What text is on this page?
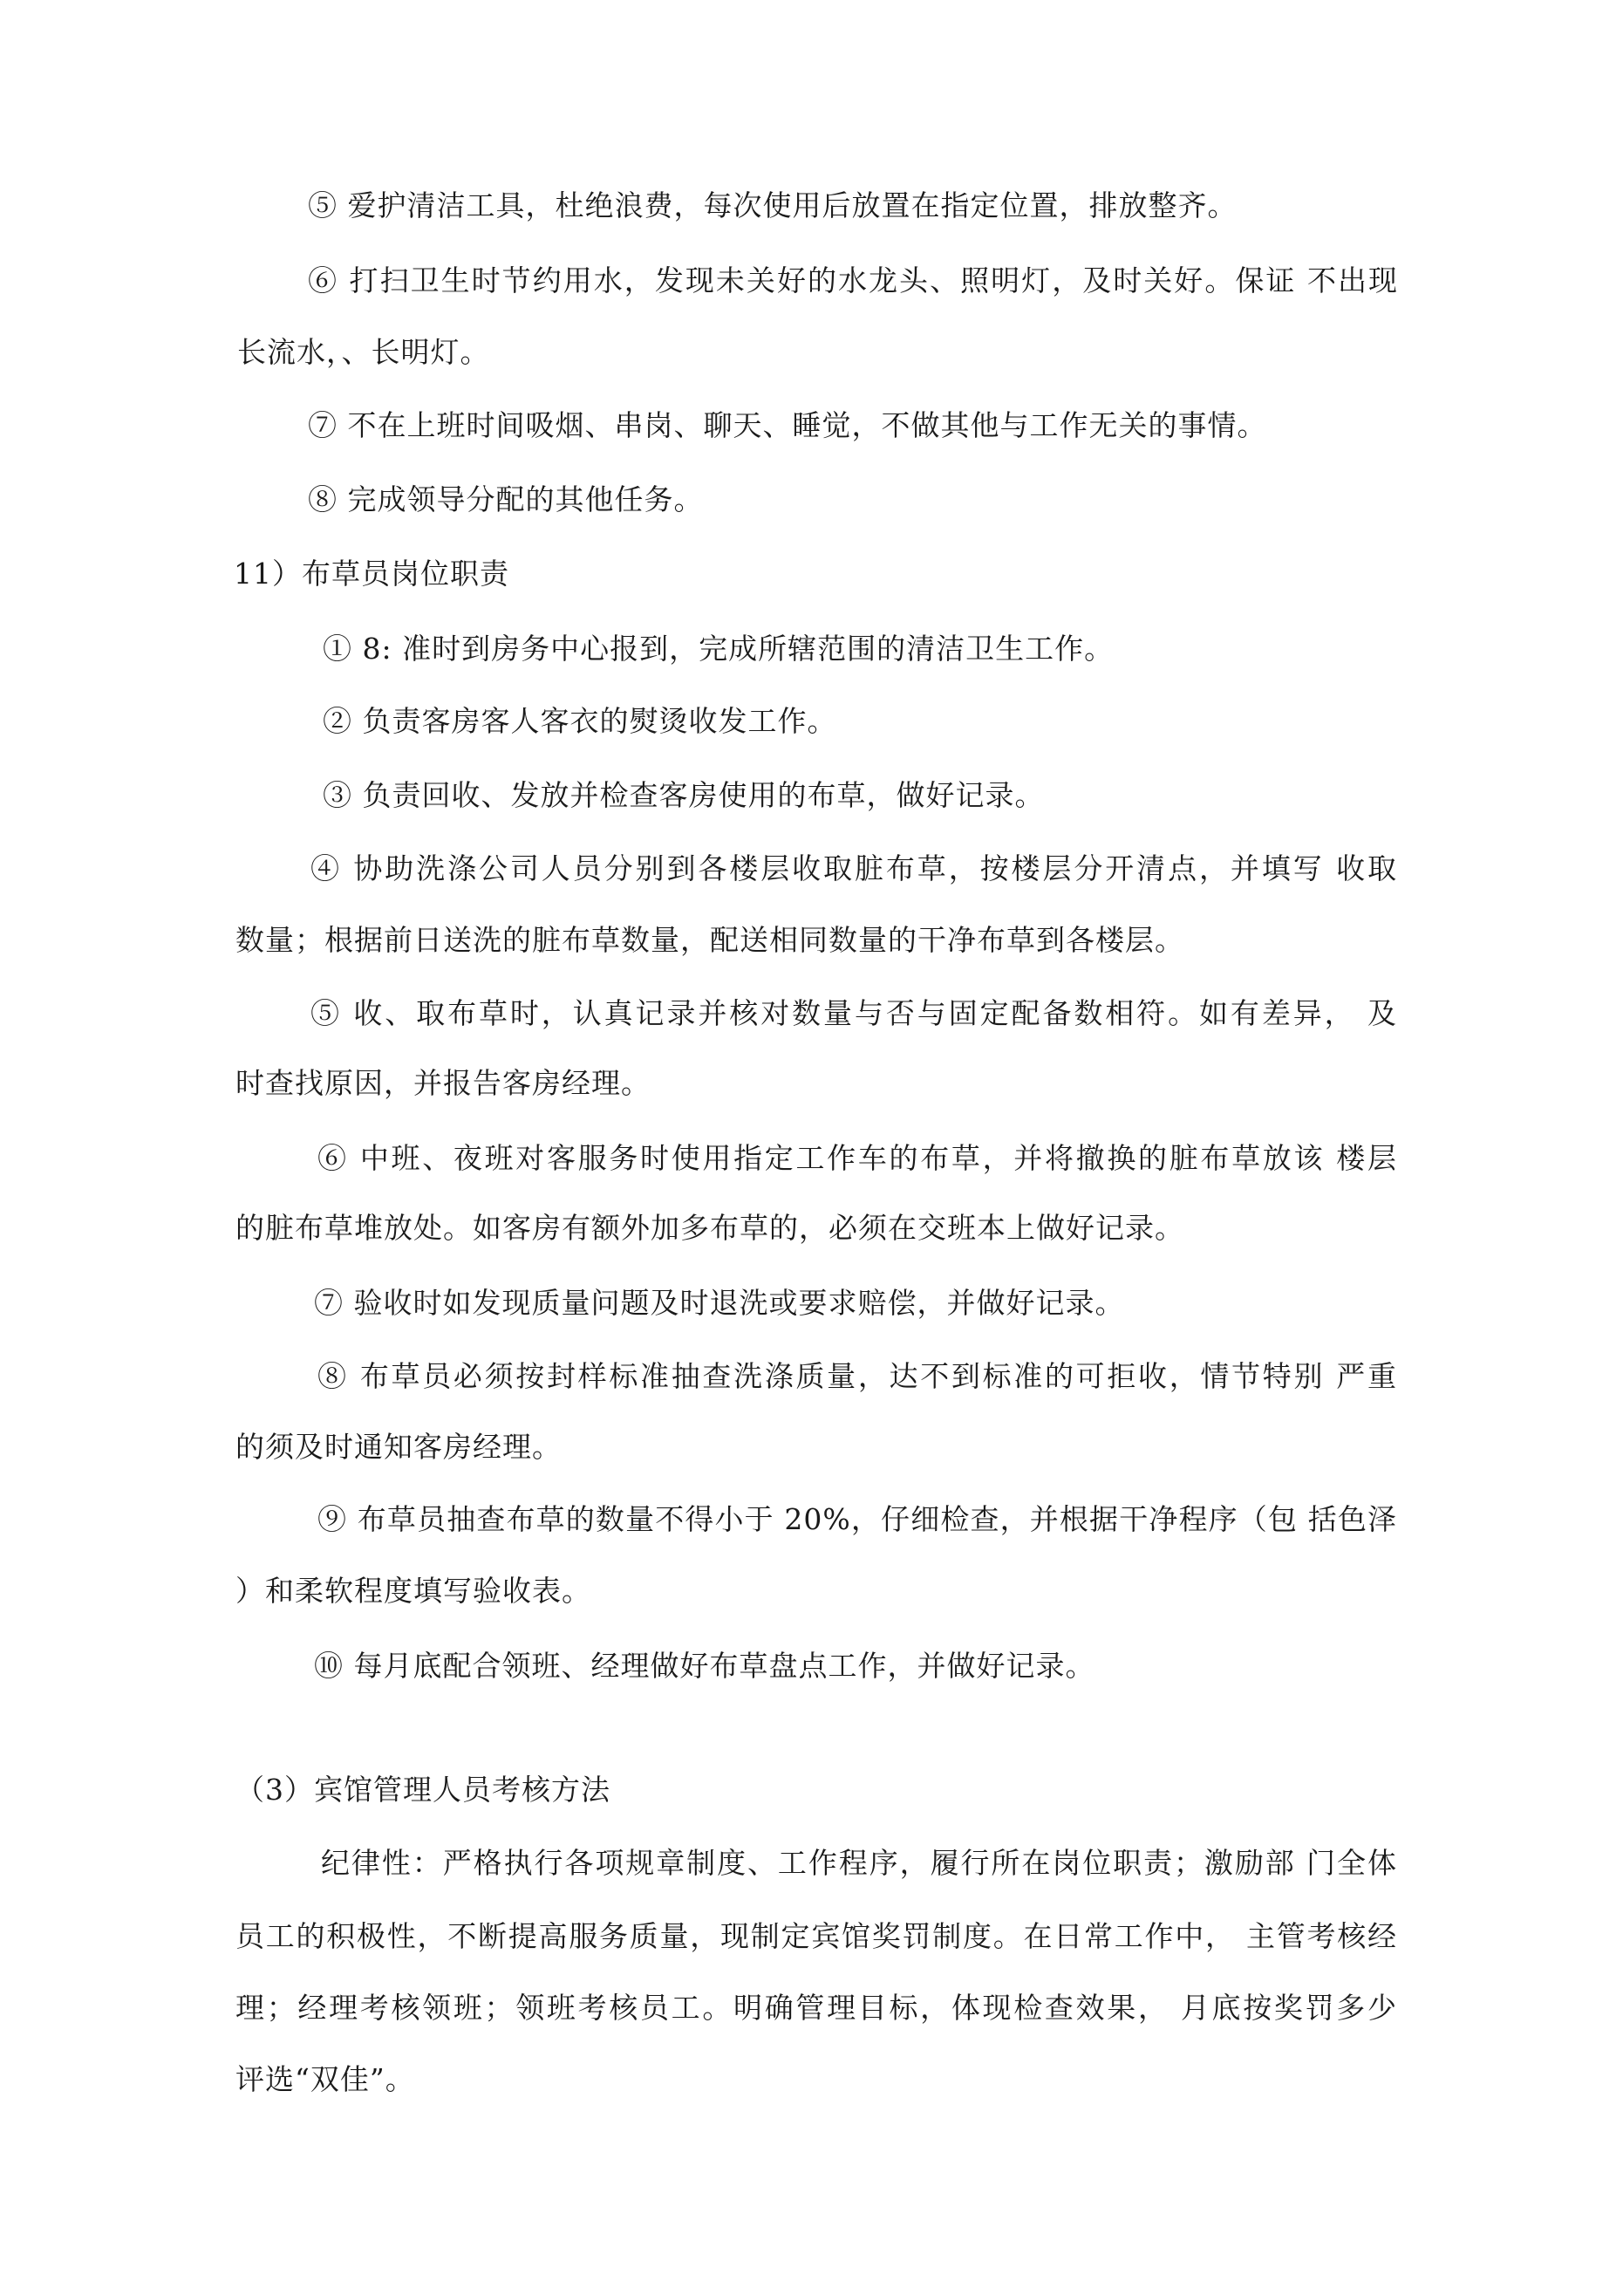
⑤ 爱护清洁工具，杜绝浪费，每次使用后放置在指定位置，排放整齐。

⑥ 打扫卫生时节约用水，发现未关好的水龙头、照明灯，及时关好。保证 不出现

长流水，、长明灯。

⑦ 不在上班时间吸烟、串岗、聊天、睡觉，不做其他与工作无关的事情。

⑧ 完成领导分配的其他任务。

11）布草员岗位职责

① 8: 准时到房务中心报到，完成所辖范围的清洁卫生工作。

② 负责客房客人客衣的熨烫收发工作。

③ 负责回收、发放并检查客房使用的布草，做好记录。

④ 协助洗涤公司人员分别到各楼层收取脏布草，按楼层分开清点，并填写 收取

数量；根据前日送洗的脏布草数量，配送相同数量的干净布草到各楼层。

⑤ 收、取布草时，认真记录并核对数量与否与固定配备数相符。如有差异， 及

时查找原因，并报告客房经理。

⑥ 中班、夜班对客服务时使用指定工作车的布草，并将撤换的脏布草放该 楼层

的脏布草堆放处。如客房有额外加多布草的，必须在交班本上做好记录。

⑦ 验收时如发现质量问题及时退洗或要求赔偿，并做好记录。

⑧ 布草员必须按封样标准抽查洗涤质量，达不到标准的可拒收，情节特别 严重

的须及时通知客房经理。

⑨ 布草员抽查布草的数量不得小于 20%，仔细检查，并根据干净程序（包 括色泽

）和柔软程度填写验收表。

⑩ 每月底配合领班、经理做好布草盘点工作，并做好记录。

（3）宾馆管理人员考核方法

纪律性：严格执行各项规章制度、工作程序，履行所在岗位职责；激励部 门全体

员工的积极性，不断提高服务质量，现制定宾馆奖罚制度。在日常工作中， 主管考核经

理；经理考核领班；领班考核员工。明确管理目标，体现检查效果， 月底按奖罚多少

评选“双佳”。
